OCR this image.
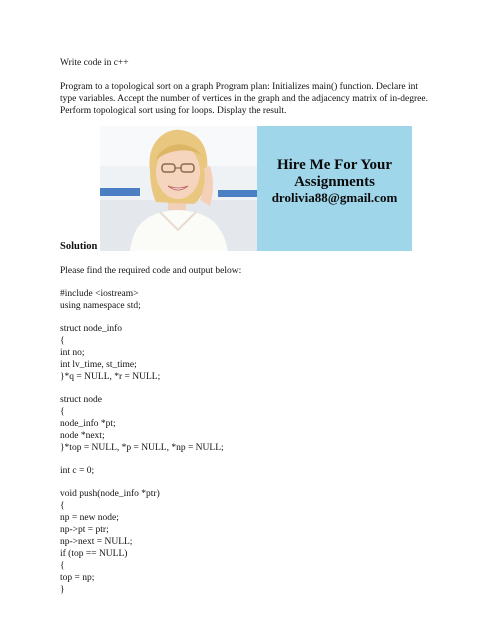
Write code in c++
Program to a topological sort on a graph Program plan: Initializes main() function. Declare int
type variables. Accept the number of vertices in the graph and the adjacency matrix of in-degree.
Perform topological sort using for loops. Display the result.
Hire Me For Your
Assignments
drolivia88@gmail.com
Solution
Please find the required code and output below:
#include <iostream>
using namespace std;
struct node_info
{
int no;
int lv_time, st_time;
}*q = NULL, *r = NULL;
struct node
{
node_info *pt;
node *next;
}*top = NULL, *p = NULL, *np = NULL;
int c = 0;
void push(node_info *ptr)
{
np = new node;
np->pt = ptr;
np->next = NULL;
if (top == NULL)
{
top = np;
}
